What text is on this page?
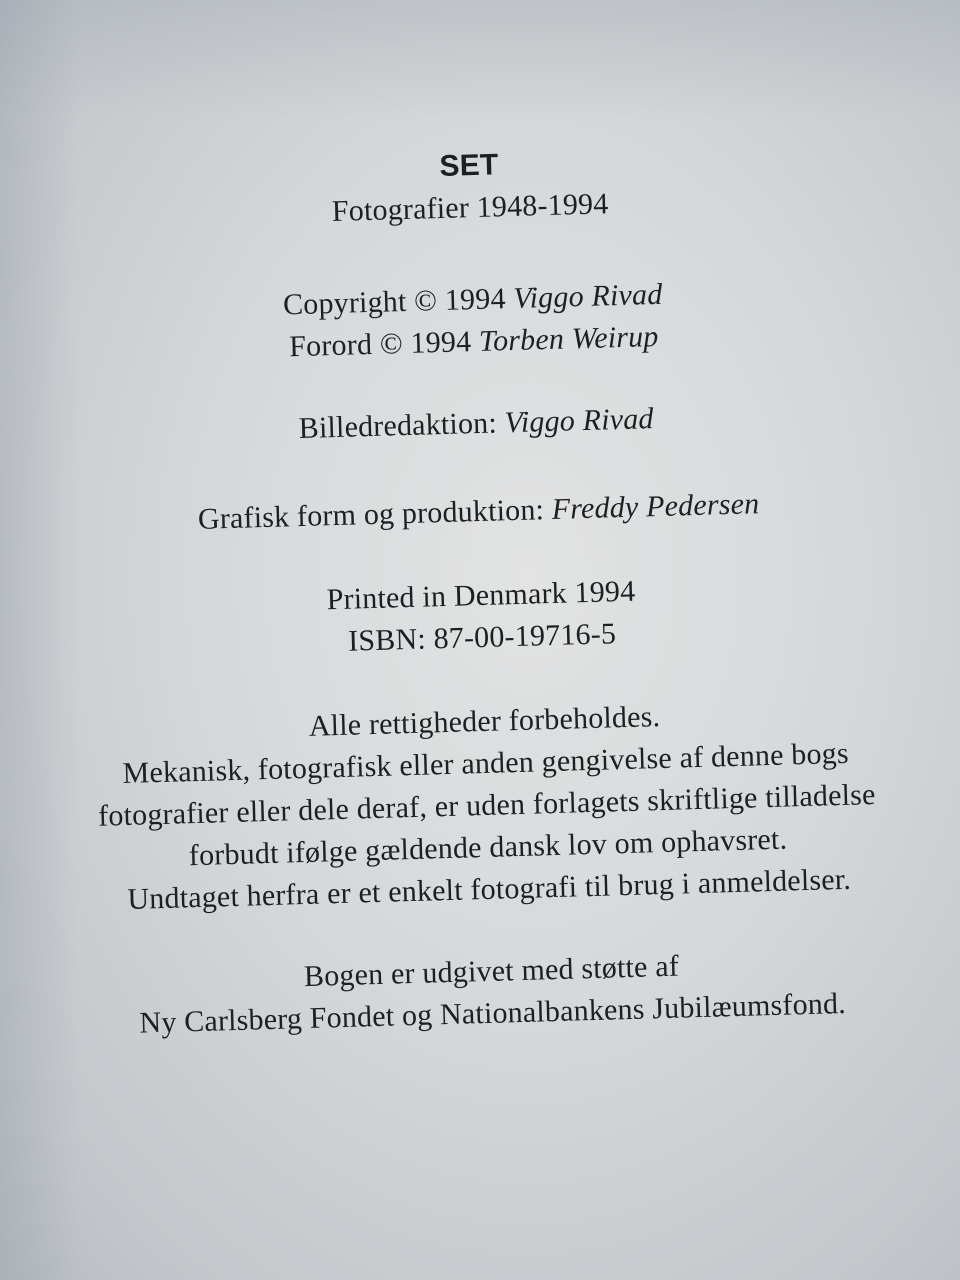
SET
Fotografier 1948-1994
Copyright © 1994 Viggo Rivad
Forord © 1994 Torben Weirup
Billedredaktion: Viggo Rivad
Grafisk form og produktion: Freddy Pedersen
Printed in Denmark 1994
ISBN: 87-00-19716-5
Alle rettigheder forbeholdes.
Mekanisk, fotografisk eller anden gengivelse af denne bogs
fotografier eller dele deraf, er uden forlagets skriftlige tilladelse
forbudt ifølge gældende dansk lov om ophavsret.
Undtaget herfra er et enkelt fotografi til brug i anmeldelser.
Bogen er udgivet med støtte af
Ny Carlsberg Fondet og Nationalbankens Jubilæumsfond.
